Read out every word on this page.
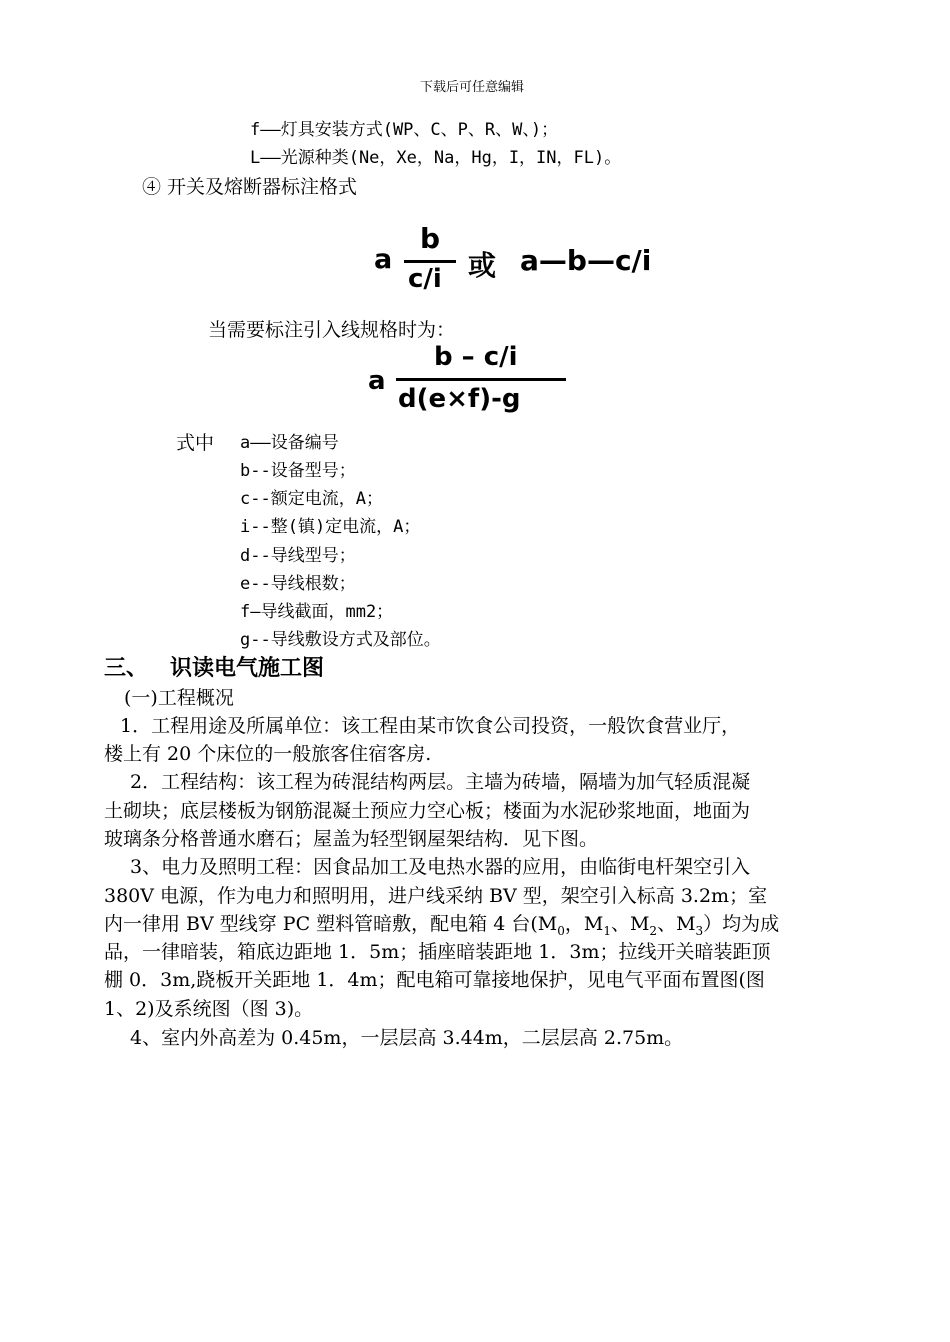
下载后可任意编辑
f——灯具安装方式(WP、C、P、R、W、)；
L——光源种类(Ne，Xe，Na，Hg，I，IN，FL)。
④ 开关及熔断器标注格式
a
b
c/i 或 a—b—c/i
当需要标注引入线规格时为：
a
b – c/i
d(e×f)-g
式中 a——设备编号
b--设备型号；
c--额定电流，A；
i--整(镇)定电流，A；
d--导线型号；
e--导线根数；
f—导线截面，mm2；
g--导线敷设方式及部位。
三、 识读电气施工图
(一)工程概况
1．工程用途及所属单位：该工程由某市饮食公司投资，一般饮食营业厅，
楼上有 20 个床位的一般旅客住宿客房.
2．工程结构：该工程为砖混结构两层。主墙为砖墙，隔墙为加气轻质混凝
土砌块；底层楼板为钢筋混凝土预应力空心板；楼面为水泥砂浆地面，地面为
玻璃条分格普通水磨石；屋盖为轻型钢屋架结构．见下图。
3、电力及照明工程：因食品加工及电热水器的应用，由临街电杆架空引入
380V 电源，作为电力和照明用，进户线采纳 BV 型，架空引入标高 3.2m；室
内一律用 BV 型线穿 PC 塑料管暗敷，配电箱 4 台($M_0$，$M_1$、$M_2$、$M_3$）均为成
品，一律暗装，箱底边距地 1．5m；插座暗装距地 1．3m；拉线开关暗装距顶
棚 0．3m,跷板开关距地 1．4m；配电箱可靠接地保护，见电气平面布置图(图
1、2)及系统图（图 3)。
4、室内外高差为 0.45m，一层层高 3.44m，二层层高 2.75m。
